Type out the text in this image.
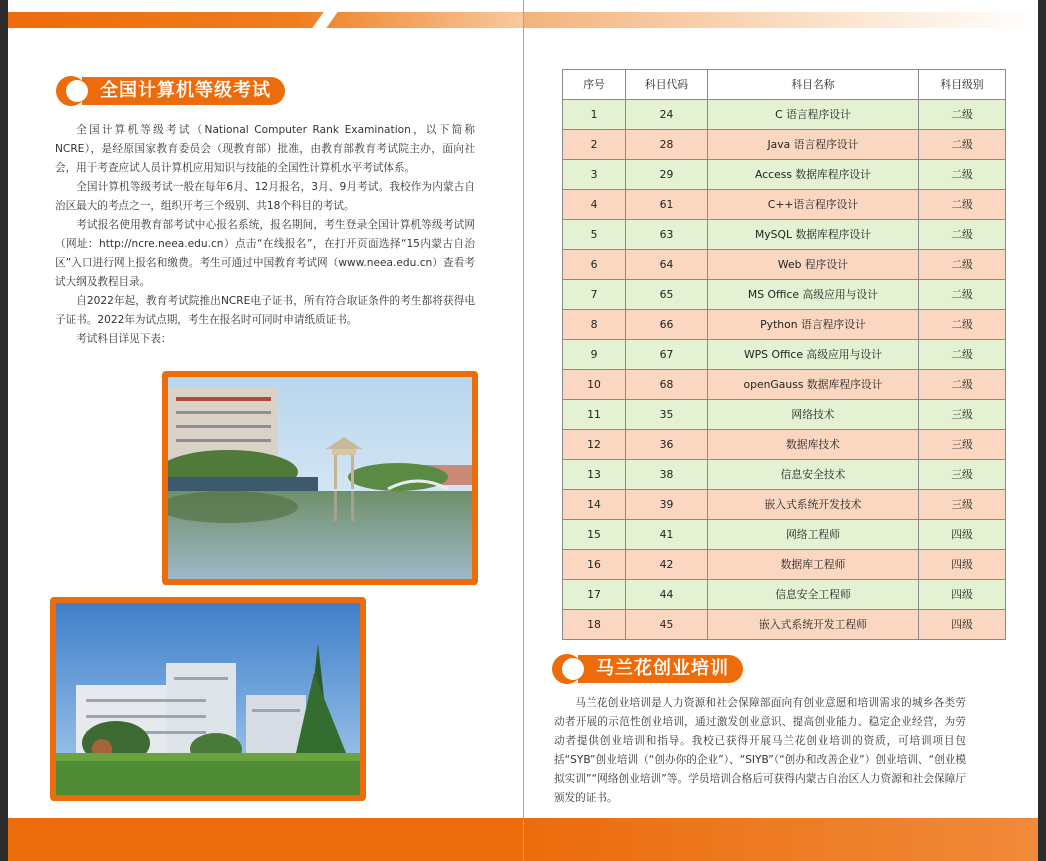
全国计算机等级考试

全国计算机等级考试（National Computer Rank Examination，以下简称NCRE），是经原国家教育委员会（现教育部）批准，由教育部教育考试院主办，面向社会，用于考查应试人员计算机应用知识与技能的全国性计算机水平考试体系。

全国计算机等级考试一般在每年6月、12月报名，3月、9月考试。我校作为内蒙古自治区最大的考点之一，组织开考三个级别、共18个科目的考试。

考试报名使用教育部考试中心报名系统，报名期间，考生登录全国计算机等级考试网（网址：http://ncre.neea.edu.cn）点击“在线报名”，在打开页面选择“15内蒙古自治区”入口进行网上报名和缴费。考生可通过中国教育考试网（www.neea.edu.cn）查看考试大纲及教程目录。

自2022年起，教育考试院推出NCRE电子证书，所有符合取证条件的考生都将获得电子证书。2022年为试点期，考生在报名时可同时申请纸质证书。

考试科目详见下表：

序号	科目代码	科目名称	科目级别
1	24	C 语言程序设计	二级
2	28	Java 语言程序设计	二级
3	29	Access 数据库程序设计	二级
4	61	C++语言程序设计	二级
5	63	MySQL 数据库程序设计	二级
6	64	Web 程序设计	二级
7	65	MS Office 高级应用与设计	二级
8	66	Python 语言程序设计	二级
9	67	WPS Office 高级应用与设计	二级
10	68	openGauss 数据库程序设计	二级
11	35	网络技术	三级
12	36	数据库技术	三级
13	38	信息安全技术	三级
14	39	嵌入式系统开发技术	三级
15	41	网络工程师	四级
16	42	数据库工程师	四级
17	44	信息安全工程师	四级
18	45	嵌入式系统开发工程师	四级
马兰花创业培训

马兰花创业培训是人力资源和社会保障部面向有创业意愿和培训需求的城乡各类劳动者开展的示范性创业培训，通过激发创业意识、提高创业能力、稳定企业经营，为劳动者提供创业培训和指导。我校已获得开展马兰花创业培训的资质，可培训项目包括“SYB”创业培训（“创办你的企业”）、“SIYB”（“创办和改善企业”）创业培训、“创业模拟实训”“网络创业培训”等。学员培训合格后可获得内蒙古自治区人力资源和社会保障厅颁发的证书。
